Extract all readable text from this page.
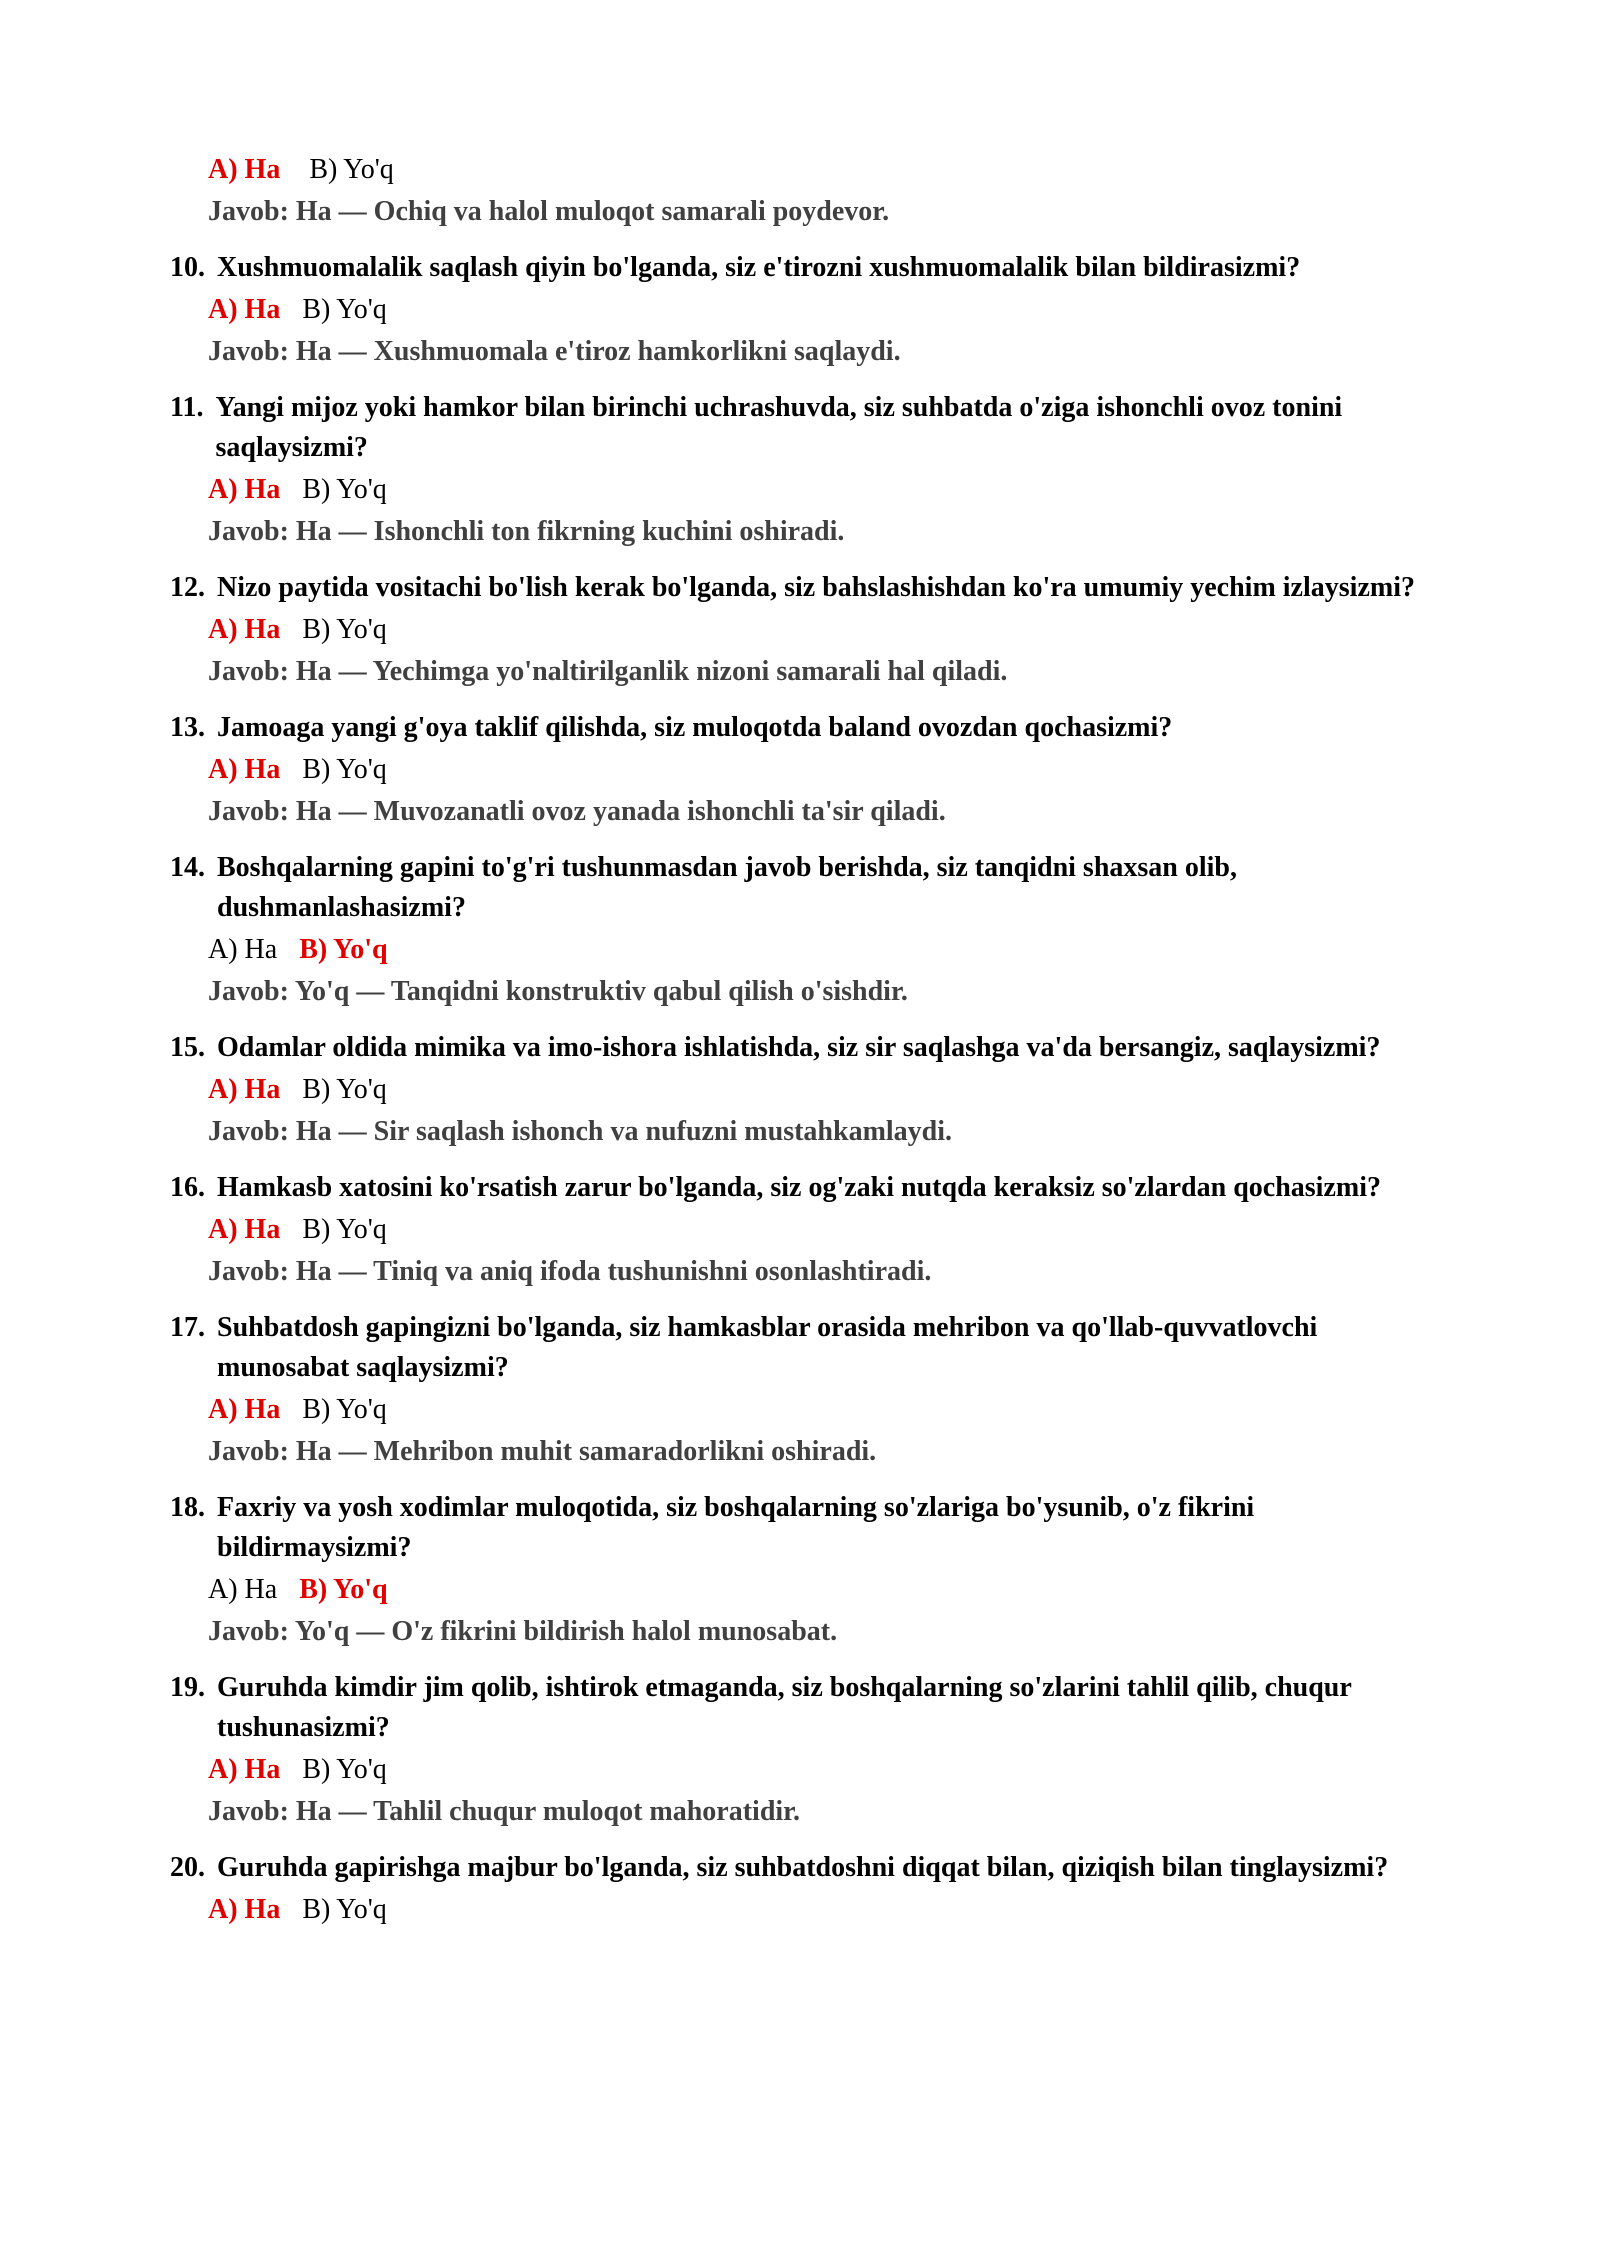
A) Ha B) Yo'q
Javob: Ha — Ochiq va halol muloqot samarali poydevor.
10. Xushmuomalalik saqlash qiyin bo'lganda, siz e'tirozni xushmuomalalik bilan bildirasizmi?
A) Ha B) Yo'q
Javob: Ha — Xushmuomala e'tiroz hamkorlikni saqlaydi.
11. Yangi mijoz yoki hamkor bilan birinchi uchrashuvda, siz suhbatda o'ziga ishonchli ovoz tonini saqlaysizmi?
A) Ha B) Yo'q
Javob: Ha — Ishonchli ton fikrning kuchini oshiradi.
12. Nizo paytida vositachi bo'lish kerak bo'lganda, siz bahslashishdan ko'ra umumiy yechim izlaysizmi?
A) Ha B) Yo'q
Javob: Ha — Yechimga yo'naltirilganlik nizoni samarali hal qiladi.
13. Jamoaga yangi g'oya taklif qilishda, siz muloqotda baland ovozdan qochasizmi?
A) Ha B) Yo'q
Javob: Ha — Muvozanatli ovoz yanada ishonchli ta'sir qiladi.
14. Boshqalarning gapini to'g'ri tushunmasdan javob berishda, siz tanqidni shaxsan olib, dushmanlashasizmi?
A) Ha B) Yo'q
Javob: Yo'q — Tanqidni konstruktiv qabul qilish o'sishdir.
15. Odamlar oldida mimika va imo-ishora ishlatishda, siz sir saqlashga va'da bersangiz, saqlaysizmi?
A) Ha B) Yo'q
Javob: Ha — Sir saqlash ishonch va nufuzni mustahkamlaydi.
16. Hamkasb xatosini ko'rsatish zarur bo'lganda, siz og'zaki nutqda keraksiz so'zlardan qochasizmi?
A) Ha B) Yo'q
Javob: Ha — Tiniq va aniq ifoda tushunishni osonlashtiradi.
17. Suhbatdosh gapingizni bo'lganda, siz hamkasblar orasida mehribon va qo'llab-quvvatlovchi munosabat saqlaysizmi?
A) Ha B) Yo'q
Javob: Ha — Mehribon muhit samaradorlikni oshiradi.
18. Faxriy va yosh xodimlar muloqotida, siz boshqalarning so'zlariga bo'ysunib, o'z fikrini bildirmaysizmi?
A) Ha B) Yo'q
Javob: Yo'q — O'z fikrini bildirish halol munosabat.
19. Guruhda kimdir jim qolib, ishtirok etmaganda, siz boshqalarning so'zlarini tahlil qilib, chuqur tushunasizmi?
A) Ha B) Yo'q
Javob: Ha — Tahlil chuqur muloqot mahoratidir.
20. Guruhda gapirishga majbur bo'lganda, siz suhbatdoshni diqqat bilan, qiziqish bilan tinglaysizmi?
A) Ha B) Yo'q
